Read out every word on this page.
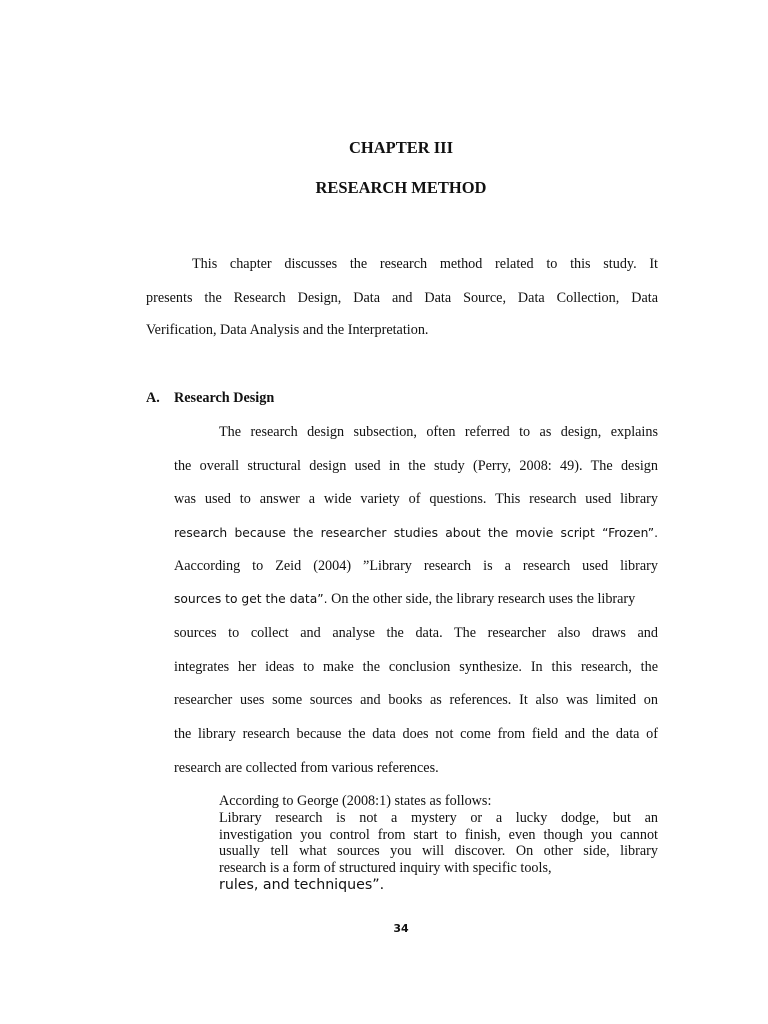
CHAPTER III
RESEARCH METHOD
This chapter discusses the research method related to this study. It
presents the Research Design, Data and Data Source, Data Collection, Data
Verification, Data Analysis and the Interpretation.
A. Research Design
The research design subsection, often referred to as design, explains
the overall structural design used in the study (Perry, 2008: 49). The design
was used to answer a wide variety of questions. This research used library
research because the researcher studies about the movie script “Frozen”.
Aaccording to Zeid (2004) ”Library research is a research used library
sources to get the data”. On the other side, the library research uses the library
sources to collect and analyse the data. The researcher also draws and
integrates her ideas to make the conclusion synthesize. In this research, the
researcher uses some sources and books as references. It also was limited on
the library research because the data does not come from field and the data of
research are collected from various references.
According to George (2008:1) states as follows:
Library research is not a mystery or a lucky dodge, but an
investigation you control from start to finish, even though you cannot
usually tell what sources you will discover. On other side, library
research is a form of structured inquiry with specific tools,
rules, and techniques”.
34
